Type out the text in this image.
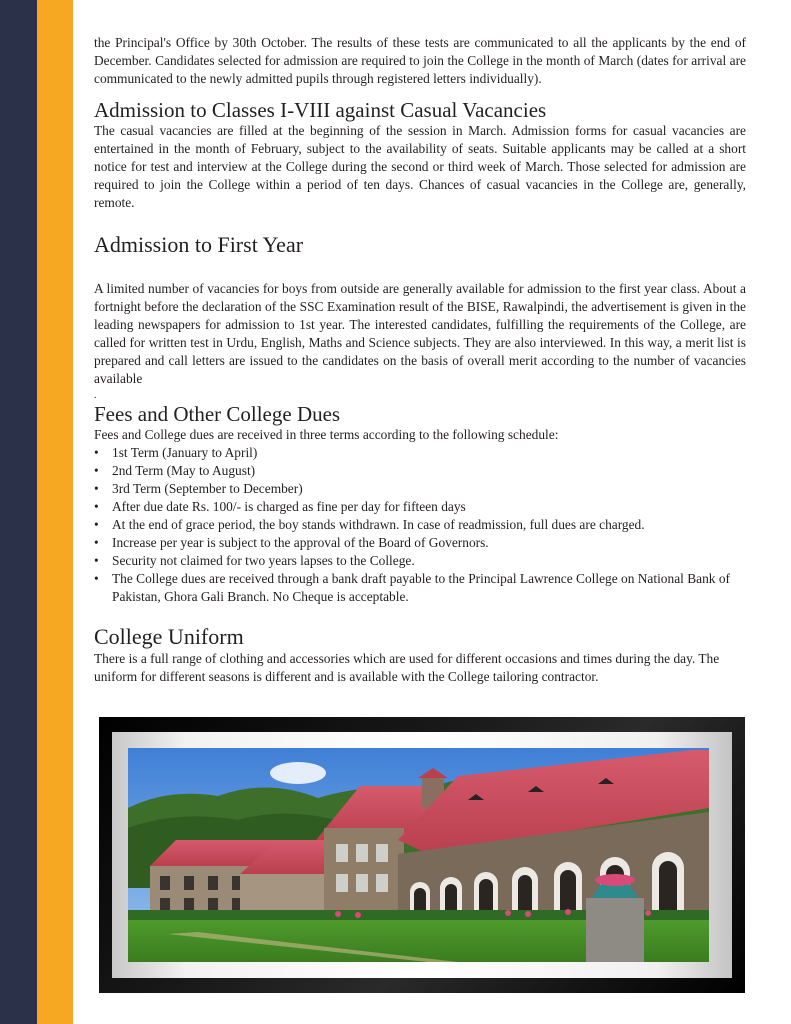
the Principal's Office by 30th October. The results of these tests are communicated to all the applicants by the end of December. Candidates selected for admission are required to join the College in the month of March (dates for arrival are communicated to the newly admitted pupils through registered letters individually).

Admission to Classes I-VIII against Casual Vacancies

The casual vacancies are filled at the beginning of the session in March. Admission forms for casual vacancies are entertained in the month of February, subject to the availability of seats. Suitable applicants may be called at a short notice for test and interview at the College during the second or third week of March. Those selected for admission are required to join the College within a period of ten days. Chances of casual vacancies in the College are, generally, remote.

Admission to First Year

A limited number of vacancies for boys from outside are generally available for admission to the first year class. About a fortnight before the declaration of the SSC Examination result of the BISE, Rawalpindi, the advertisement is given in the leading newspapers for admission to 1st year. The interested candidates, fulfilling the requirements of the College, are called for written test in Urdu, English, Maths and Science subjects. They are also interviewed. In this way, a merit list is prepared and call letters are issued to the candidates on the basis of overall merit according to the number of vacancies available

.
Fees and Other College Dues

Fees and College dues are received in three terms according to the following schedule:

• 1st Term (January to April)
• 2nd Term (May to August)
• 3rd Term (September to December)
• After due date Rs. 100/- is charged as fine per day for fifteen days
• At the end of grace period, the boy stands withdrawn. In case of readmission, full dues are charged.
• Increase per year is subject to the approval of the Board of Governors.
• Security not claimed for two years lapses to the College.
• The College dues are received through a bank draft payable to the Principal Lawrence College on National Bank of Pakistan, Ghora Gali Branch. No Cheque is acceptable.
College Uniform

There is a full range of clothing and accessories which are used for different occasions and times during the day. The uniform for different seasons is different and is available with the College tailoring contractor.
